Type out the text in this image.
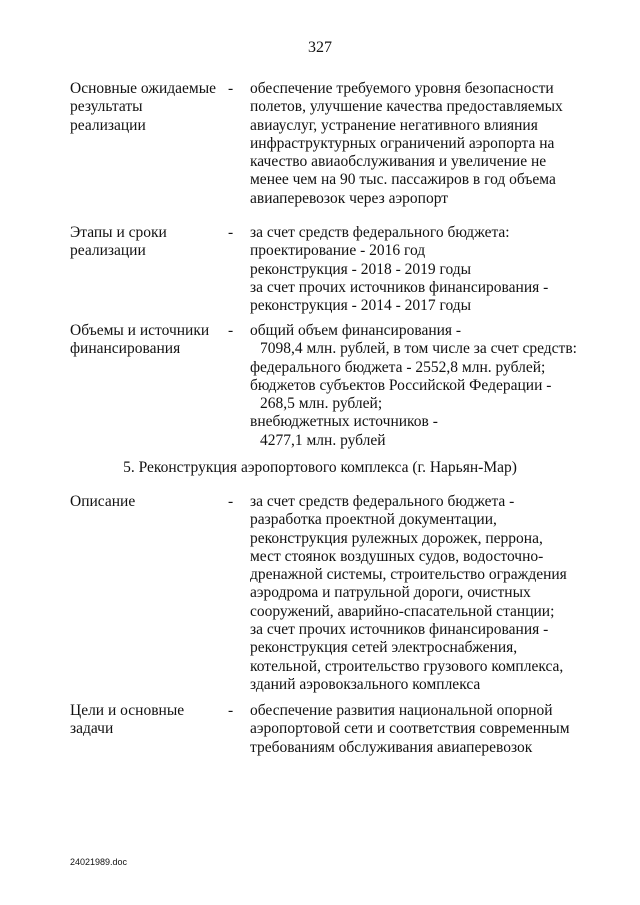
327
Основные ожидаемые
результаты
реализации
- обеспечение требуемого уровня безопасности
полетов, улучшение качества предоставляемых
авиауслуг, устранение негативного влияния
инфраструктурных ограничений аэропорта на
качество авиаобслуживания и увеличение не
менее чем на 90 тыс. пассажиров в год объема
авиаперевозок через аэропорт
Этапы и сроки
реализации
- за счет средств федерального бюджета:
проектирование - 2016 год
реконструкция - 2018 - 2019 годы
за счет прочих источников финансирования -
реконструкция - 2014 - 2017 годы
Объемы и источники
финансирования
- общий объем финансирования -
7098,4 млн. рублей, в том числе за счет средств:
федерального бюджета - 2552,8 млн. рублей;
бюджетов субъектов Российской Федерации -
268,5 млн. рублей;
внебюджетных источников -
4277,1 млн. рублей
5. Реконструкция аэропортового комплекса (г. Нарьян-Мар)
Описание	- за счет средств федерального бюджета -
разработка проектной документации,
реконструкция рулежных дорожек, перрона,
мест стоянок воздушных судов, водосточно-
дренажной системы, строительство ограждения
аэродрома и патрульной дороги, очистных
сооружений, аварийно-спасательной станции;
за счет прочих источников финансирования -
реконструкция сетей электроснабжения,
котельной, строительство грузового комплекса,
зданий аэровокзального комплекса
Цели и основные
задачи
- обеспечение развития национальной опорной
аэропортовой сети и соответствия современным
требованиям обслуживания авиаперевозок
24021989.doc
